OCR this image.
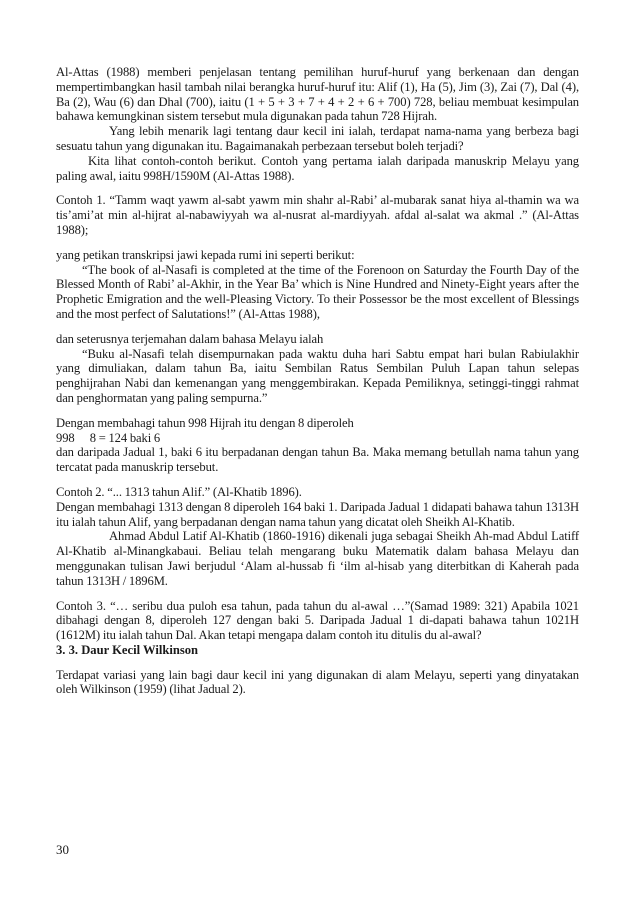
Al-Attas (1988) memberi penjelasan tentang pemilihan huruf-huruf yang berkenaan dan dengan mempertimbangkan hasil tambah nilai berangka huruf-huruf itu: Alif (1), Ha (5), Jim (3), Zai (7), Dal (4), Ba (2), Wau (6) dan Dhal (700), iaitu (1 + 5 + 3 + 7 + 4 + 2 + 6 + 700) 728, beliau membuat kesimpulan bahawa kemungkinan sistem tersebut mula digunakan pada tahun 728 Hijrah.

Yang lebih menarik lagi tentang daur kecil ini ialah, terdapat nama-nama yang berbeza bagi sesuatu tahun yang digunakan itu. Bagaimanakah perbezaan tersebut boleh terjadi?

Kita lihat contoh-contoh berikut. Contoh yang pertama ialah daripada manuskrip Melayu yang paling awal, iaitu 998H/1590M (Al-Attas 1988).

Contoh 1. “Tamm waqt yawm al-sabt yawm min shahr al-Rabi’ al-mubarak sanat hiya al-thamin wa wa tis’ami’at min al-hijrat al-nabawiyyah wa al-nusrat al-mardiyyah. afdal al-salat wa akmal .” (Al-Attas 1988);

yang petikan transkripsi jawi kepada rumi ini seperti berikut:

“The book of al-Nasafi is completed at the time of the Forenoon on Saturday the Fourth Day of the Blessed Month of Rabi’ al-Akhir, in the Year Ba’ which is Nine Hundred and Ninety-Eight years after the Prophetic Emigration and the well-Pleasing Victory. To their Possessor be the most excellent of Blessings and the most perfect of Salutations!” (Al-Attas 1988),

dan seterusnya terjemahan dalam bahasa Melayu ialah

“Buku al-Nasafi telah disempurnakan pada waktu duha hari Sabtu empat hari bulan Rabiulakhir yang dimuliakan, dalam tahun Ba, iaitu Sembilan Ratus Sembilan Puluh Lapan tahun selepas penghijrahan Nabi dan kemenangan yang menggembirakan. Kepada Pemiliknya, setinggi-tinggi rahmat dan penghormatan yang paling sempurna.”

Dengan membahagi tahun 998 Hijrah itu dengan 8 diperoleh

998   8 = 124 baki 6

dan daripada Jadual 1, baki 6 itu berpadanan dengan tahun Ba. Maka memang betullah nama tahun yang tercatat pada manuskrip tersebut.

Contoh 2. “... 1313 tahun Alif.” (Al-Khatib 1896).

Dengan membahagi 1313 dengan 8 diperoleh 164 baki 1. Daripada Jadual 1 didapati bahawa tahun 1313H itu ialah tahun Alif, yang berpadanan dengan nama tahun yang dicatat oleh Sheikh Al-Khatib.

Ahmad Abdul Latif Al-Khatib (1860-1916) dikenali juga sebagai Sheikh Ah-mad Abdul Latiff Al-Khatib al-Minangkabaui. Beliau telah mengarang buku Matematik dalam bahasa Melayu dan menggunakan tulisan Jawi berjudul ‘Alam al-hussab fi ‘ilm al-hisab yang diterbitkan di Kaherah pada tahun 1313H / 1896M.

Contoh 3. “… seribu dua puloh esa tahun, pada tahun du al-awal …”(Samad 1989: 321) Apabila 1021 dibahagi dengan 8, diperoleh 127 dengan baki 5. Daripada Jadual 1 di-dapati bahawa tahun 1021H (1612M) itu ialah tahun Dal. Akan tetapi mengapa dalam contoh itu ditulis du al-awal?

3. 3. Daur Kecil Wilkinson

Terdapat variasi yang lain bagi daur kecil ini yang digunakan di alam Melayu, seperti yang dinyatakan oleh Wilkinson (1959) (lihat Jadual 2).

30
